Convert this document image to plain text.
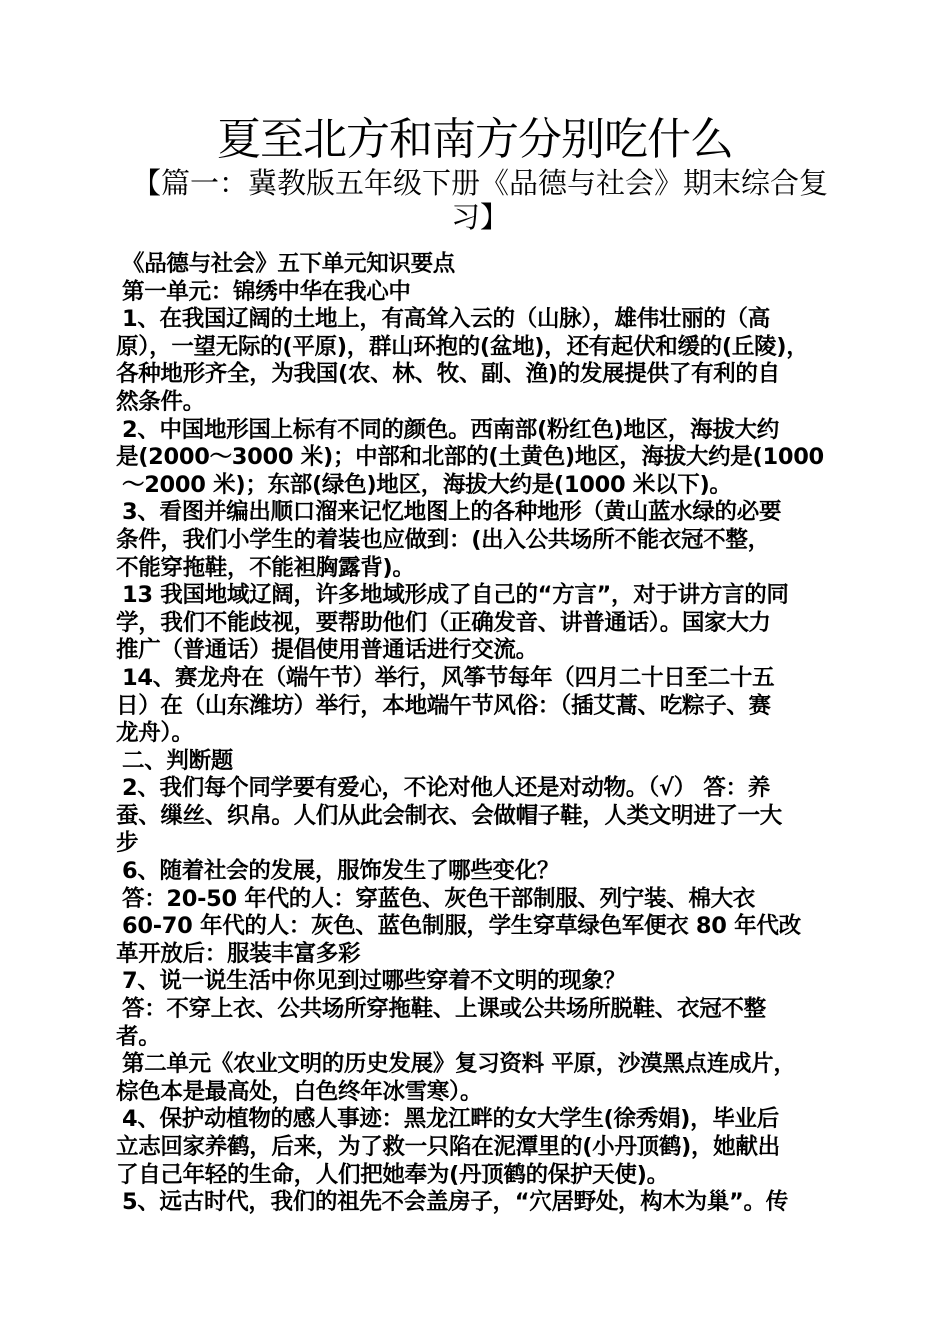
夏至北方和南方分别吃什么
【篇一：冀教版五年级下册《品德与社会》期末综合复习】
《品德与社会》五下单元知识要点
第一单元：锦绣中华在我心中
1、在我国辽阔的土地上，有高耸入云的（山脉），雄伟壮丽的（高
原），一望无际的(平原)，群山环抱的(盆地)，还有起伏和缓的(丘陵)，
各种地形齐全，为我国(农、林、牧、副、渔)的发展提供了有利的自
然条件。
2、中国地形国上标有不同的颜色。西南部(粉红色)地区，海拔大约
是(2000～3000 米)；中部和北部的(土黄色)地区，海拔大约是(1000
～2000 米)；东部(绿色)地区，海拔大约是(1000 米以下)。
3、看图并编出顺口溜来记忆地图上的各种地形（黄山蓝水绿的必要
条件，我们小学生的着装也应做到：(出入公共场所不能衣冠不整，
不能穿拖鞋，不能袒胸露背)。
13 我国地域辽阔，许多地域形成了自己的“方言”，对于讲方言的同
学，我们不能歧视，要帮助他们（正确发音、讲普通话）。国家大力
推广（普通话）提倡使用普通话进行交流。
14、赛龙舟在（端午节）举行，风筝节每年（四月二十日至二十五
日）在（山东潍坊）举行，本地端午节风俗：（插艾蒿、吃粽子、赛
龙舟）。
二、判断题
2、我们每个同学要有爱心，不论对他人还是对动物。（√） 答：养
蚕、缫丝、织帛。人们从此会制衣、会做帽子鞋，人类文明进了一大
步
6、随着社会的发展，服饰发生了哪些变化？
答：20-50 年代的人：穿蓝色、灰色干部制服、列宁装、棉大衣
60-70 年代的人：灰色、蓝色制服，学生穿草绿色军便衣 80 年代改
革开放后：服装丰富多彩
7、说一说生活中你见到过哪些穿着不文明的现象？
答：不穿上衣、公共场所穿拖鞋、上课或公共场所脱鞋、衣冠不整
者。
第二单元《农业文明的历史发展》复习资料 平原，沙漠黑点连成片，
棕色本是最高处，白色终年冰雪寒）。
4、保护动植物的感人事迹：黑龙江畔的女大学生(徐秀娟)，毕业后
立志回家养鹤，后来，为了救一只陷在泥潭里的(小丹顶鹤)，她献出
了自己年轻的生命，人们把她奉为(丹顶鹤的保护天使)。
5、远古时代，我们的祖先不会盖房子，“穴居野处，构木为巢”。传
